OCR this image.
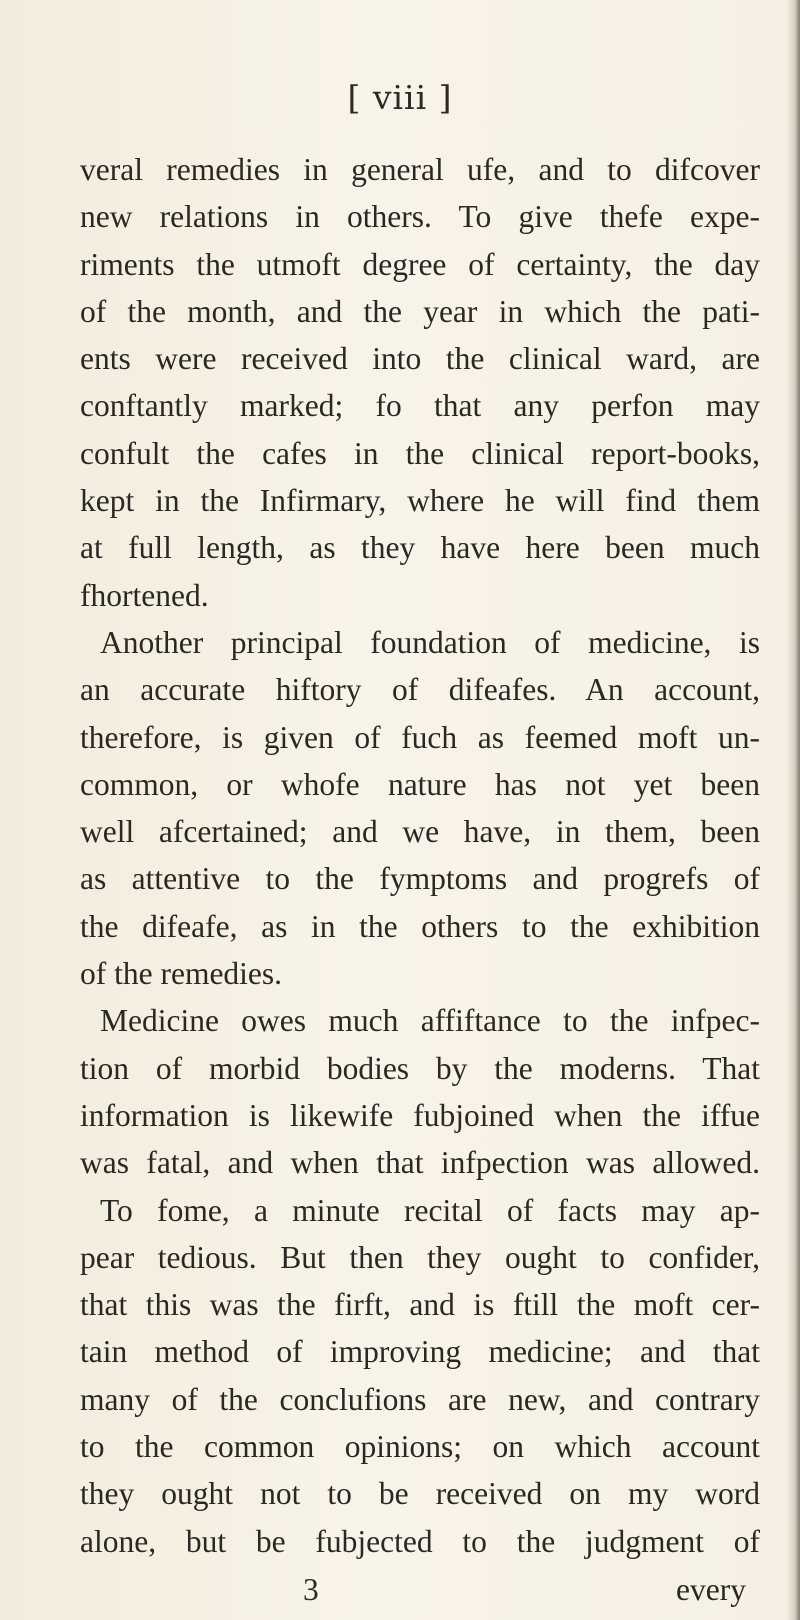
[ viii ]
veral remedies in general ufe, and to difcover
new relations in others. To give thefe expe-
riments the utmoft degree of certainty, the day
of the month, and the year in which the pati-
ents were received into the clinical ward, are
conftantly marked; fo that any perfon may
confult the cafes in the clinical report-books,
kept in the Infirmary, where he will find them
at full length, as they have here been much
fhortened.
Another principal foundation of medicine, is
an accurate hiftory of difeafes. An account,
therefore, is given of fuch as feemed moft un-
common, or whofe nature has not yet been
well afcertained; and we have, in them, been
as attentive to the fymptoms and progrefs of
the difeafe, as in the others to the exhibition
of the remedies.
Medicine owes much affiftance to the infpec-
tion of morbid bodies by the moderns. That
information is likewife fubjoined when the iffue
was fatal, and when that infpection was allowed.
To fome, a minute recital of facts may ap-
pear tedious. But then they ought to confider,
that this was the firft, and is ftill the moft cer-
tain method of improving medicine; and that
many of the conclufions are new, and contrary
to the common opinions; on which account
they ought not to be received on my word
alone, but be fubjected to the judgment of
3	every
